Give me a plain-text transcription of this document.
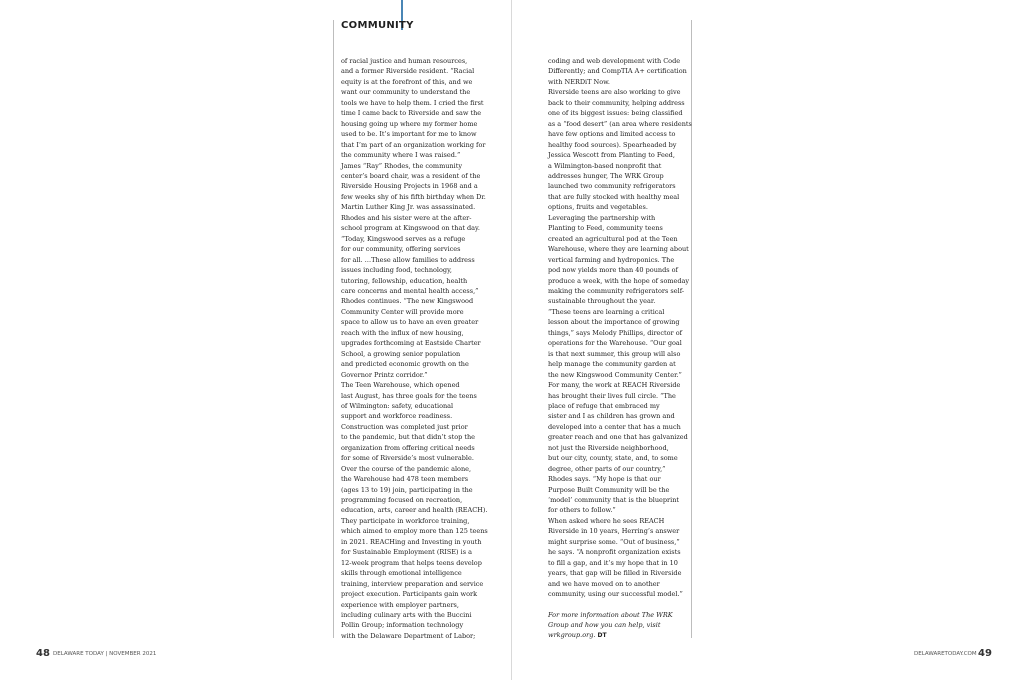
COMMUNITY

of racial justice and human resources,

and a former Riverside resident. “Racial

equity is at the forefront of this, and we

want our community to understand the

tools we have to help them. I cried the first

time I came back to Riverside and saw the

housing going up where my former home

used to be. It’s important for me to know

that I’m part of an organization working for

the community where I was raised.”

James “Ray” Rhodes, the community

center’s board chair, was a resident of the

Riverside Housing Projects in 1968 and a

few weeks shy of his fifth birthday when Dr.

Martin Luther King Jr. was assassinated.

Rhodes and his sister were at the after-

school program at Kingswood on that day.

“Today, Kingswood serves as a refuge

for our community, offering services

for all. …These allow families to address

issues including food, technology,

tutoring, fellowship, education, health

care concerns and mental health access,”

Rhodes continues. “The new Kingswood

Community Center will provide more

space to allow us to have an even greater

reach with the influx of new housing,

upgrades forthcoming at Eastside Charter

School, a growing senior population

and predicted economic growth on the

Governor Printz corridor.”

The Teen Warehouse, which opened

last August, has three goals for the teens

of Wilmington: safety, educational

support and workforce readiness.

Construction was completed just prior

to the pandemic, but that didn’t stop the

organization from offering critical needs

for some of Riverside’s most vulnerable.

Over the course of the pandemic alone,

the Warehouse had 478 teen members

(ages 13 to 19) join, participating in the

programming focused on recreation,

education, arts, career and health (REACH).

They participate in workforce training,

which aimed to employ more than 125 teens

in 2021. REACHing and Investing in youth

for Sustainable Employment (RISE) is a

12-week program that helps teens develop

skills through emotional intelligence

training, interview preparation and service

project execution. Participants gain work

experience with employer partners,

including culinary arts with the Buccini

Pollin Group; information technology

with the Delaware Department of Labor;

coding and web development with Code

Differently; and CompTIA A+ certification

with NERDiT Now.

Riverside teens are also working to give

back to their community, helping address

one of its biggest issues: being classified

as a “food desert” (an area where residents

have few options and limited access to

healthy food sources). Spearheaded by

Jessica Wescott from Planting to Feed,

a Wilmington-based nonprofit that

addresses hunger, The WRK Group

launched two community refrigerators

that are fully stocked with healthy meal

options, fruits and vegetables.

Leveraging the partnership with

Planting to Feed, community teens

created an agricultural pod at the Teen

Warehouse, where they are learning about

vertical farming and hydroponics. The

pod now yields more than 40 pounds of

produce a week, with the hope of someday

making the community refrigerators self-

sustainable throughout the year.

“These teens are learning a critical

lesson about the importance of growing

things,” says Melody Phillips, director of

operations for the Warehouse. “Our goal

is that next summer, this group will also

help manage the community garden at

the new Kingswood Community Center.”

For many, the work at REACH Riverside

has brought their lives full circle. “The

place of refuge that embraced my

sister and I as children has grown and

developed into a center that has a much

greater reach and one that has galvanized

not just the Riverside neighborhood,

but our city, county, state, and, to some

degree, other parts of our country,”

Rhodes says. “My hope is that our

Purpose Built Community will be the

‘model’ community that is the blueprint

for others to follow.”

When asked where he sees REACH

Riverside in 10 years, Herring’s answer

might surprise some. “Out of business,”

he says. “A nonprofit organization exists

to fill a gap, and it’s my hope that in 10

years, that gap will be filled in Riverside

and we have moved on to another

community, using our successful model.”

For more information about The WRK

Group and how you can help, visit

wrkgroup.org. DT

48 DELAWARE TODAY | NOVEMBER 2021	DELAWARETODAY.COM 49
